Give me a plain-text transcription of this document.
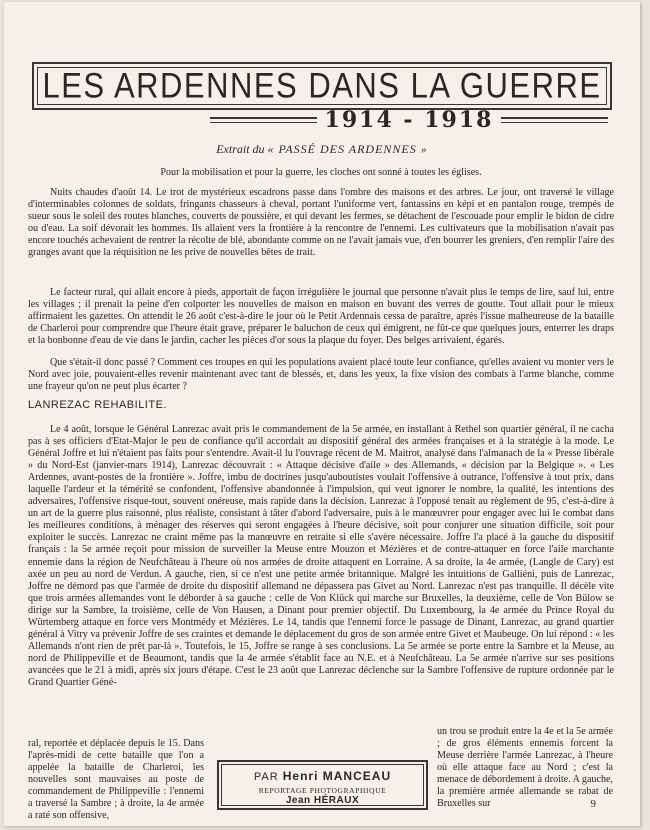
LES ARDENNES DANS LA GUERRE
1914 - 1918
Extrait du « PASSÉ DES ARDENNES »
Pour la mobilisation et pour la guerre, les cloches ont sonné à toutes les églises.
Nuits chaudes d'août 14. Le trot de mystérieux escadrons passe dans l'ombre des maisons et des arbres. Le jour, ont traversé le village d'interminables colonnes de soldats, fringants chasseurs à cheval, portant l'uniforme vert, fantassins en képi et en pantalon rouge, trempés de sueur sous le soleil des routes blanches, couverts de poussière, et qui devant les fermes, se détachent de l'escouade pour emplir le bidon de cidre ou d'eau. La soif dévorait les hommes. Ils allaient vers la frontière à la rencontre de l'ennemi. Les cultivateurs que la mobilisation n'avait pas encore touchés achevaient de rentrer la récolte de blé, abondante comme on ne l'avait jamais vue, d'en bourrer les greniers, d'en remplir l'aire des granges avant que la réquisition ne les prive de nouvelles bêtes de trait.
Le facteur rural, qui allait encore à pieds, apportait de façon irrégulière le journal que personne n'avait plus le temps de lire, sauf lui, entre les villages ; il prenait la peine d'en colporter les nouvelles de maison en maison en buvant des verres de goutte. Tout allait pour le mieux affirmaient les gazettes. On attendit le 26 août c'est-à-dire le jour où le Petit Ardennais cessa de paraître, après l'issue malheureuse de la bataille de Charleroi pour comprendre que l'heure était grave, préparer le baluchon de ceux qui émigrent, ne fût-ce que quelques jours, enterrer les draps et la bonbonne d'eau de vie dans le jardin, cacher les pièces d'or sous la plaque du foyer. Des belges arrivaient, égarés.
Que s'était-il donc passé ? Comment ces troupes en qui les populations avaient placé toute leur confiance, qu'elles avaient vu monter vers le Nord avec joie, pouvaient-elles revenir maintenant avec tant de blessés, et, dans les yeux, la fixe vision des combats à l'arme blanche, comme une frayeur qu'on ne peut plus écarter ?
LANREZAC REHABILITE.
Le 4 août, lorsque le Général Lanrezac avait pris le commandement de la 5e armée, en installant à Rethel son quartier général, il ne cacha pas à ses officiers d'Etat-Major le peu de confiance qu'il accordait au dispositif général des armées françaises et à la stratégie à la mode. Le Général Joffre et lui n'étaient pas faits pour s'entendre. Avait-il lu l'ouvrage récent de M. Maitrot, analysé dans l'almanach de la « Presse libérale » du Nord-Est (janvier-mars 1914), Lanrezac découvrait : « Attaque décisive d'aile » des Allemands, « décision par la Belgique ». « Les Ardennes, avant-postes de la frontière ». Joffre, imbu de doctrines jusqu'auboutistes voulait l'offensive à outrance, l'offensive à tout prix, dans laquelle l'ardeur et la témérité se confondent, l'offensive abandonnée à l'impulsion, qui veut ignorer le nombre, la qualité, les intentions des adversaires, l'offensive risque-tout, souvent onéreuse, mais rapide dans la décision. Lanrezac à l'opposé tenait au règlement de 95, c'est-à-dire à un art de la guerre plus raisonné, plus réaliste, consistant à tâter d'abord l'adversaire, puis à le manœuvrer pour engager avec lui le combat dans les meilleures conditions, à ménager des réserves qui seront engagées à l'heure décisive, soit pour conjurer une situation difficile, soit pour exploiter le succès. Lanrezac ne craint même pas la manœuvre en retraite si elle s'avère nécessaire. Joffre l'a placé à la gauche du dispositif français : la 5e armée reçoit pour mission de surveiller la Meuse entre Mouzon et Mézières et de contre-attaquer en force l'aile marchante ennemie dans la région de Neufchâteau à l'heure où nos armées de droite attaquent en Lorraine. A sa droite, la 4e armée, (Langle de Cary) est axée un peu au nord de Verdun. A gauche, rien, si ce n'est une petite armée britannique. Malgré les intuitions de Galliéni, puis de Lanrezac, Joffre ne démord pas que l'armée de droite du dispositif allemand ne dépassera pas Givet au Nord. Lanrezac n'est pas tranquille. Il décèle vite que trois armées allemandes vont le déborder à sa gauche : celle de Von Klück qui marche sur Bruxelles, la deuxième, celle de Von Bülow se dirige sur la Sambre, la troisième, celle de Von Hausen, a Dinant pour premier objectif. Du Luxembourg, la 4e armée du Prince Royal du Würtemberg attaque en force vers Montmédy et Mézières. Le 14, tandis que l'ennemi force le passage de Dinant, Lanrezac, au grand quartier général à Vitry va prévenir Joffre de ses craintes et demande le déplacement du gros de son armée entre Givet et Maubeuge. On lui répond : « les Allemands n'ont rien de prêt par-là ». Toutefois, le 15, Joffre se range à ses conclusions. La 5e armée se porte entre la Sambre et la Meuse, au nord de Philippeville et de Beaumont, tandis que la 4e armée s'établit face au N.E. et à Neufchâteau. La 5e armée n'arrive sur ses positions avancées que le 21 à midi, après six jours d'étape. C'est le 23 août que Lanrezac déclenche sur la Sambre l'offensive de rupture ordonnée par le Grand Quartier Géné-
ral, reportée et déplacée depuis le 15. Dans l'après-midi de cette bataille que l'on a appelée la bataille de Charleroi, les nouvelles sont mauvaises au poste de commandement de Philippeville : l'ennemi a traversé la Sambre ; à droite, la 4e armée a raté son offensive,
PAR Henri MANCEAU
REPORTAGE PHOTOGRAPHIQUE
Jean HÉRAUX
un trou se produit entre la 4e et la 5e armée ; de gros éléments ennemis forcent la Meuse derrière l'armée Lanrezac, à l'heure où elle attaque face au Nord ; c'est la menace de débordement à droite. A gauche, la première armée allemande se rabat de Bruxelles sur	9
